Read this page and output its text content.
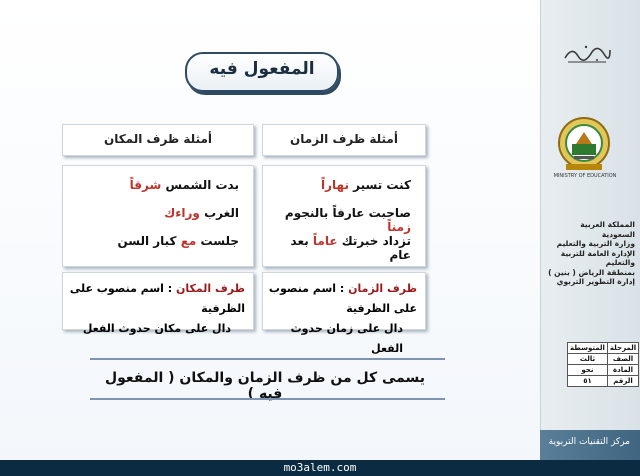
المفعول فيه
أمثلة ظرف الزمان
أمثلة ظرف المكان
كنت تسير نهاراً
صاحبت عارفاً بالنجوم زمناً
تزداد خبرتك عاماً بعد عام
بدت الشمس شرقاً
الغرب وراءك
جلست مع كبار السن

ظرف الزمان : اسم منصوب على الظرفية

دال على زمان حدوث الفعل

ظرف المكان : اسم منصوب على الظرفية

دال على مكان حدوث الفعل

يسمى كل من ظرف الزمان والمكان ( المفعول فيه )
MINISTRY OF EDUCATION
المملكة العربية السعودية
وزارة التربية والتعليم
الإدارة العامة للتربية والتعليم
بمنطقة الرياض ( بنين )
إدارة التطوير التربوي
المرحلة	المتوسطة
الصف	ثالث
المادة	نحو
الرقم	٥١
مركز التقنيات التربوية
mo3alem.com
